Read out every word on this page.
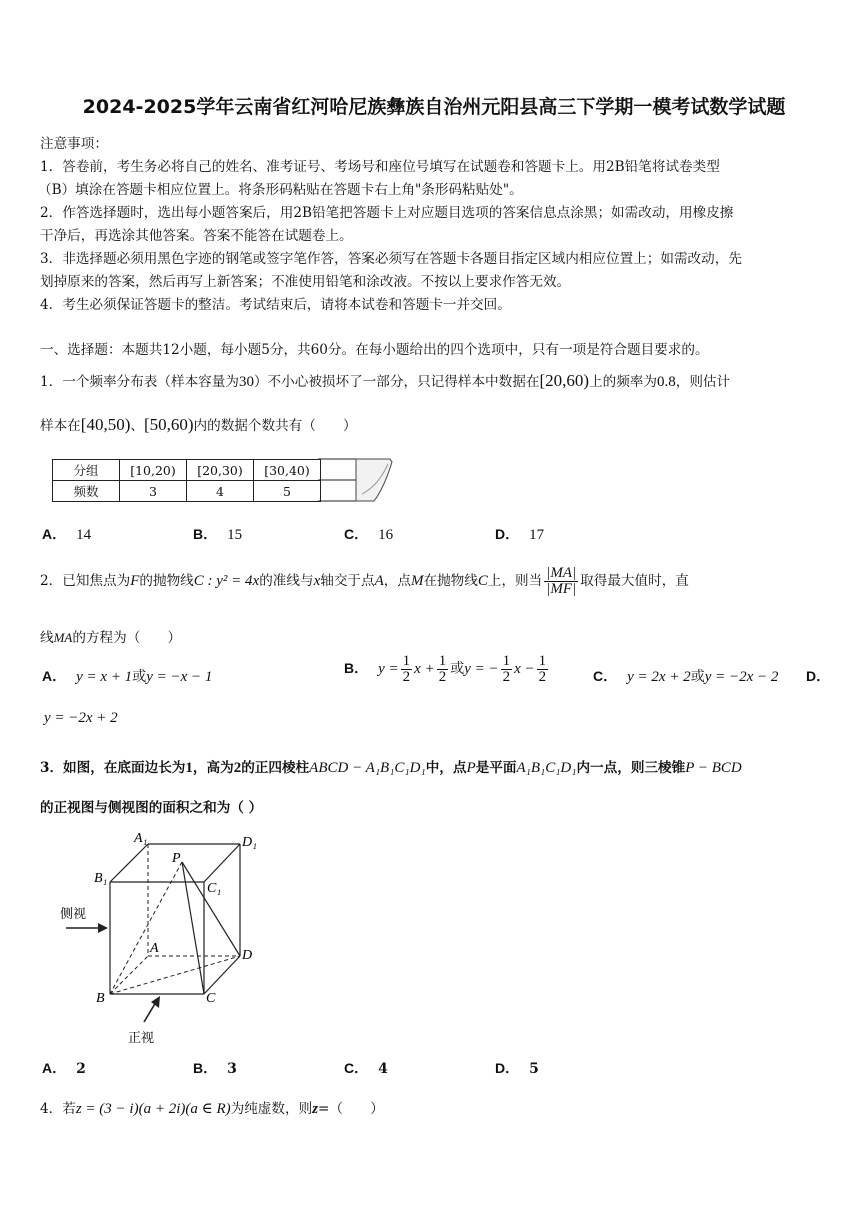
2024-2025学年云南省红河哈尼族彝族自治州元阳县高三下学期一模考试数学试题
注意事项：
1．答卷前，考生务必将自己的姓名、准考证号、考场号和座位号填写在试题卷和答题卡上。用2B铅笔将试卷类型
（B）填涂在答题卡相应位置上。将条形码粘贴在答题卡右上角"条形码粘贴处"。
2．作答选择题时，选出每小题答案后，用2B铅笔把答题卡上对应题目选项的答案信息点涂黑；如需改动，用橡皮擦
干净后，再选涂其他答案。答案不能答在试题卷上。
3．非选择题必须用黑色字迹的钢笔或签字笔作答，答案必须写在答题卡各题目指定区域内相应位置上；如需改动，先
划掉原来的答案，然后再写上新答案；不准使用铅笔和涂改液。不按以上要求作答无效。
4．考生必须保证答题卡的整洁。考试结束后，请将本试卷和答题卡一并交回。
一、选择题：本题共12小题，每小题5分，共60分。在每小题给出的四个选项中，只有一项是符合题目要求的。
1．一个频率分布表（样本容量为30）不小心被损坏了一部分，只记得样本中数据在[20,60)上的频率为0.8，则估计
样本在[40,50)、[50,60)内的数据个数共有（　　）
分组	[10,20)	[20,30)	[30,40)
频数	3	4	5
A． 14	B． 15	C． 16	D． 17
2．已知焦点为F的抛物线C : y² = 4x的准线与x轴交于点A，点M在抛物线C上，则当 $\frac{|MA|}{|MF|}$ 取得最大值时，直
线MA的方程为（　　）
A． y = x + 1或y = −x − 1
B． $y = \frac{1}{2}$ $x + \frac{1}{2}$ 或y = − $\frac{1}{2}$ $x - \frac{1}{2}$	C． y = 2x + 2或y = −2x − 2 D．
y = −2x + 2
3．如图，在底面边长为1，高为2的正四棱柱ABCD − A₁B₁C₁D₁中，点P是平面A₁B₁C₁D₁内一点，则三棱锥P − BCD
的正视图与侧视图的面积之和为（ ）
A₁	D₁
B₁
C₁
P
A	D
B	C
侧视
正视
A． 2	B． 3	C． 4	D． 5
4．若z = (3 − i)(a + 2i)(a ∈ R)为纯虚数，则z=（　　）
